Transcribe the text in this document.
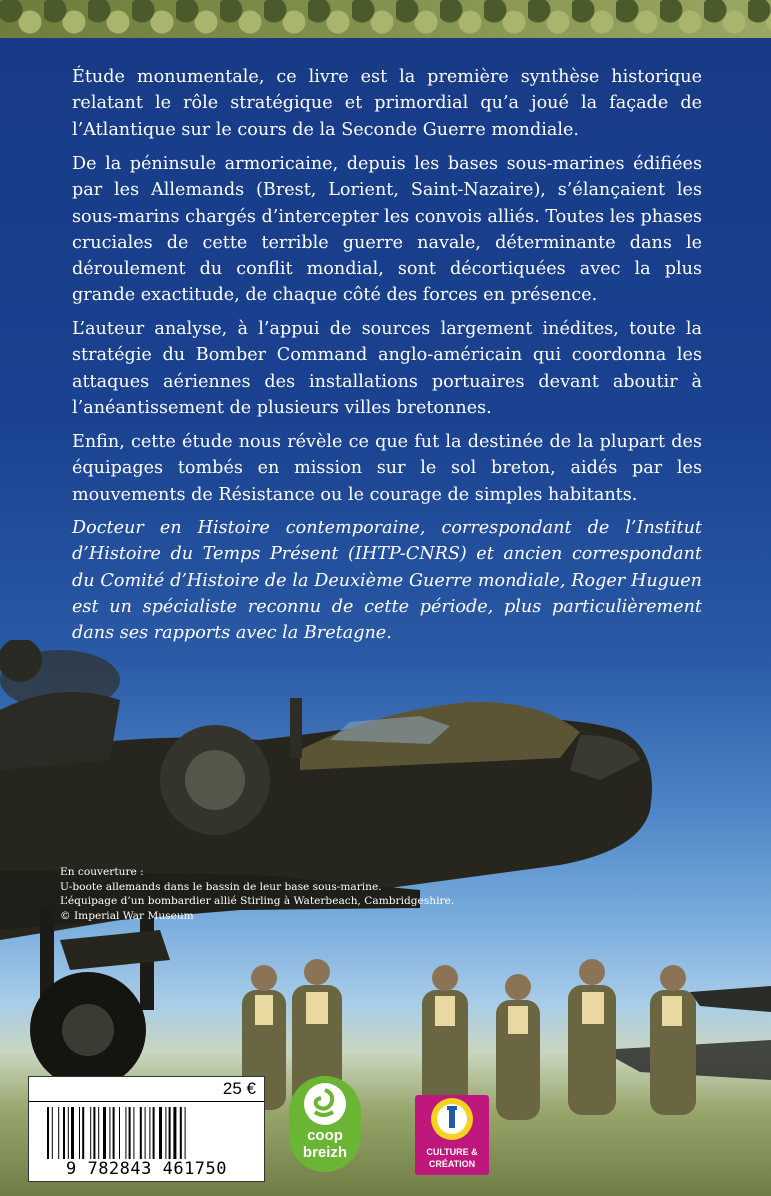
Étude monumentale, ce livre est la première synthèse historique relatant le rôle stratégique et primordial qu’a joué la façade de l’Atlantique sur le cours de la Seconde Guerre mondiale.

De la péninsule armoricaine, depuis les bases sous-marines édifiées par les Allemands (Brest, Lorient, Saint-Nazaire), s’élançaient les sous-marins chargés d’intercepter les convois alliés. Toutes les phases cruciales de cette terrible guerre navale, déterminante dans le déroulement du conflit mondial, sont décortiquées avec la plus grande exactitude, de chaque côté des forces en présence.

L’auteur analyse, à l’appui de sources largement inédites, toute la stratégie du Bomber Command anglo-américain qui coordonna les attaques aériennes des installations portuaires devant aboutir à l’anéantissement de plusieurs villes bretonnes.

Enfin, cette étude nous révèle ce que fut la destinée de la plupart des équipages tombés en mission sur le sol breton, aidés par les mouvements de Résistance ou le courage de simples habitants.

Docteur en Histoire contemporaine, correspondant de l’Institut d’Histoire du Temps Présent (IHTP-CNRS) et ancien correspondant du Comité d’Histoire de la Deuxième Guerre mondiale, Roger Huguen est un spécialiste reconnu de cette période, plus particulièrement dans ses rapports avec la Bretagne.

En couverture :
U-boote allemands dans le bassin de leur base sous-marine.
L’équipage d’un bombardier allié Stirling à Waterbeach, Cambridgeshire.
© Imperial War Museum
25 €
9 782843 461750
coop
breizh	CULTURE &
CRÉATION
